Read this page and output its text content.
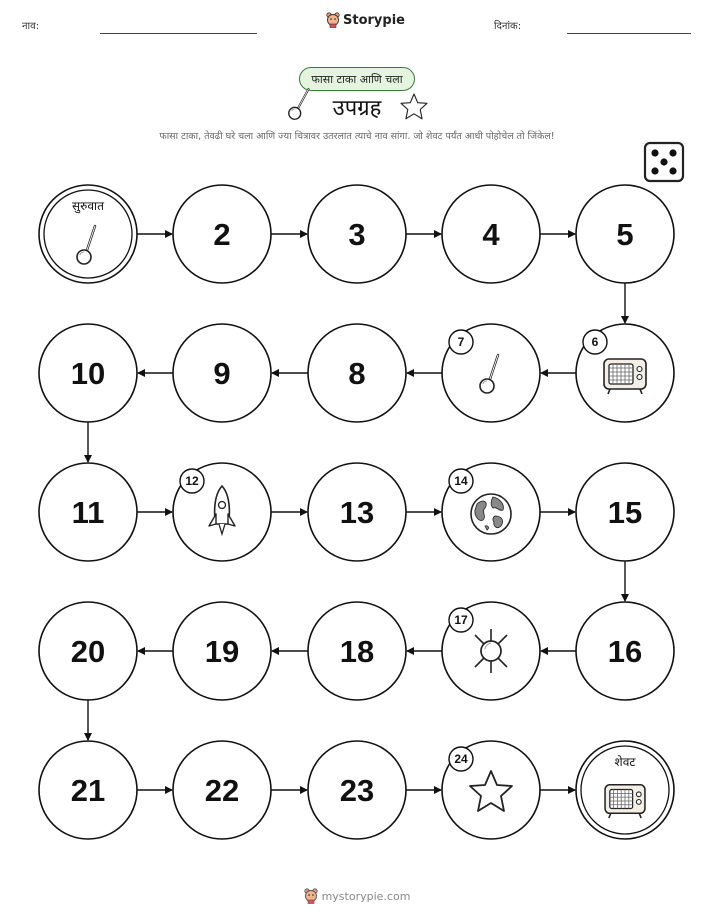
नाव:	Storypie	दिनांक:
फासा टाका आणि चला
उपग्रह
फासा टाका, तेवढी घरे चला आणि ज्या चित्रावर उतरलात त्याचे नाव सांगा. जो शेवट पर्यंत आधी पोहोचेल तो जिंकेल!
सुरुवात
2	3	4	5
6
7
8
9
10
11
12
13
14
15
16
17
18
19
20
21	22	23
24	शेवट
mystorypie.com
